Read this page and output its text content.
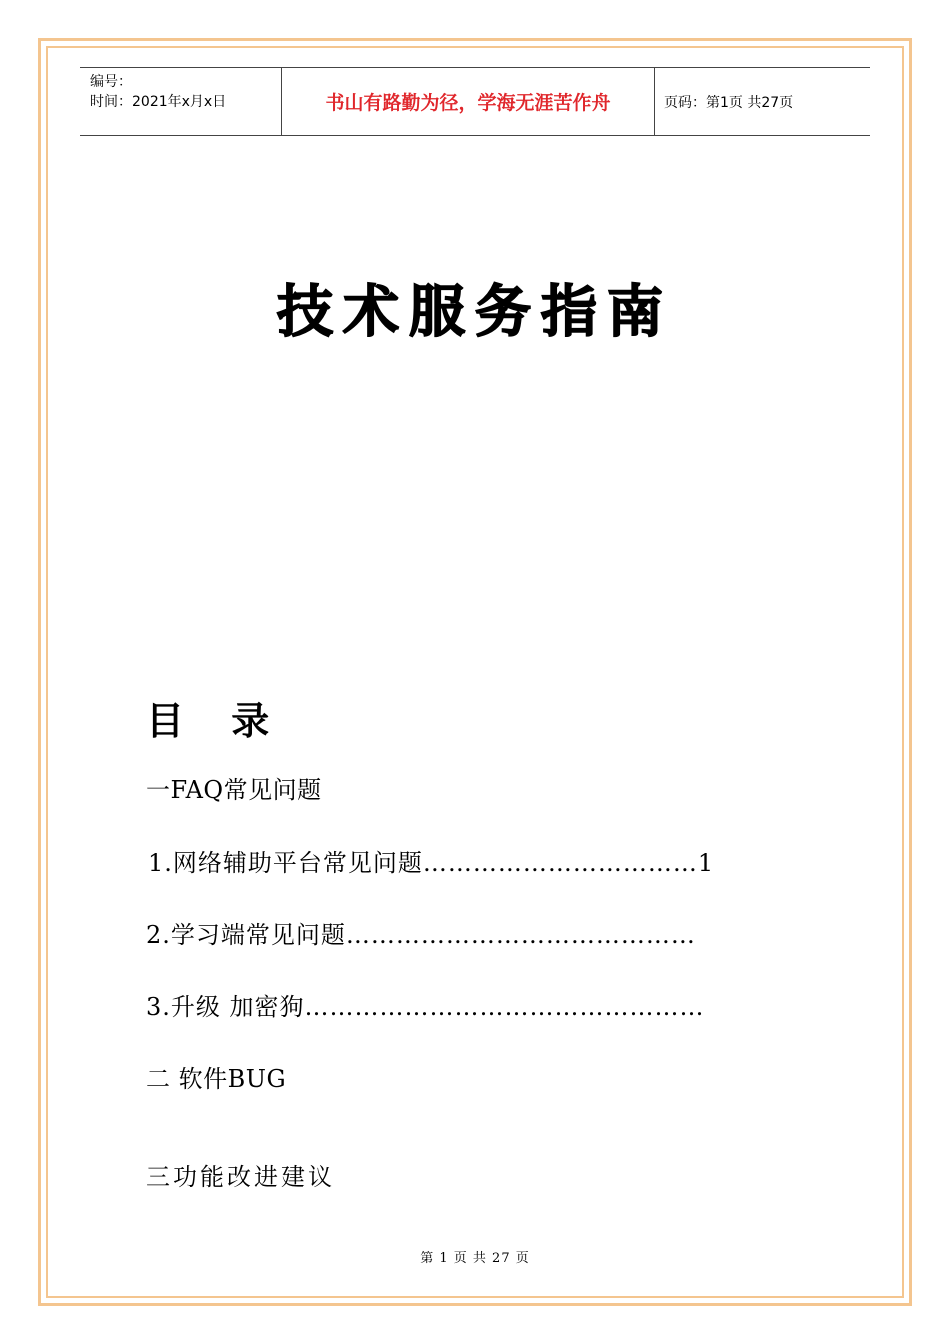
编号：
时间：2021年x月x日	书山有路勤为径，学海无涯苦作舟	页码：第1页 共27页
技术服务指南
目 录
一FAQ常见问题
1.网络辅助平台常见问题……………………………1
2.学习端常见问题……………………………………
3.升级 加密狗…………………………………………
二 软件BUG
三功能改进建议
第 1 页 共 27 页
